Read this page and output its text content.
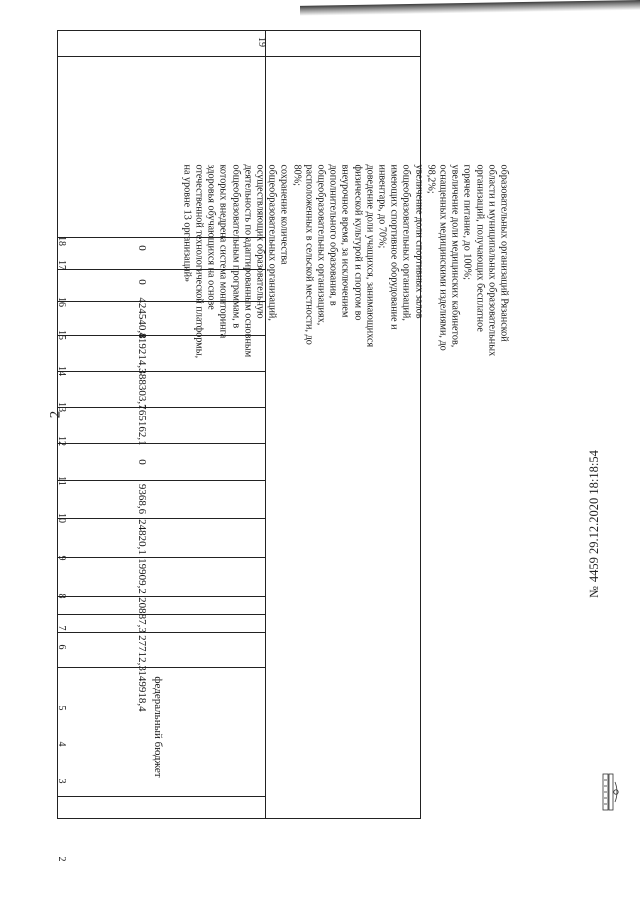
2
19
18
17
16
15
14
13
12
11
10
9
8
7
6
5
4
3
2
0
0
424540,8
419214,3
388303,7
165162,1
0
9368,6
24820,1
19909,2
20887,3
27712,3
149918,4 федеральный бюджет
образовательных организаций Рязанской
области и муниципальных образовательных
организаций, получающих бесплатное
горячее питание, до 100%;
увеличение доли медицинских кабинетов,
оснащенных медицинскими изделиями, до
98,2%;
увеличение доли спортивных залов
общеобразовательных организаций,
имеющих спортивное оборудование и
инвентарь, до 70%;
доведение доли учащихся, занимающихся
физической культурой и спортом во
внеурочное время, за исключением
дополнительного образования, в
общеобразовательных организациях,
расположенных в сельской местности, до
80%;
сохранение количества
общеобразовательных организаций,
осуществляющих образовательную
деятельность по адаптированным основным
общеобразовательным программам, в
которых внедрена система мониторинга
здоровья обучающихся на основе
отечественной технологической платформы,
на уровне 13 организаций»
№4459 29.12.2020 18:18:54
